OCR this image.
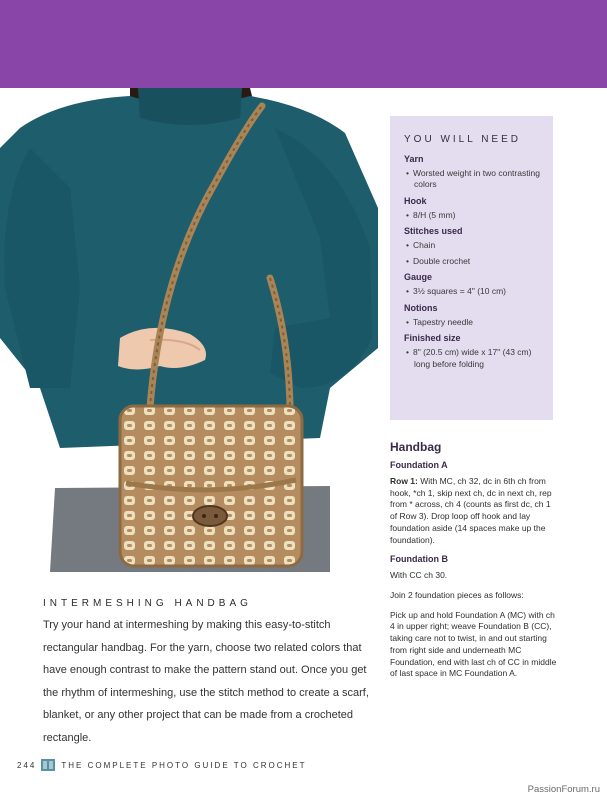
YOU WILL NEED
Yarn
• Worsted weight in two contrasting colors
Hook
• 8/H (5 mm)
Stitches used
• Chain
• Double crochet
Gauge
• 3½ squares = 4" (10 cm)
Notions
• Tapestry needle
Finished size
• 8" (20.5 cm) wide x 17" (43 cm) long before folding
Handbag
Foundation A

Row 1: With MC, ch 32, dc in 6th ch from hook, *ch 1, skip next ch, dc in next ch, rep from * across, ch 4 (counts as first dc, ch 1 of Row 3). Drop loop off hook and lay foundation aside (14 spaces make up the foundation).

Foundation B

With CC ch 30.

Join 2 foundation pieces as follows:

Pick up and hold Foundation A (MC) with ch 4 in upper right; weave Foundation B (CC), taking care not to twist, in and out starting from right side and underneath MC Foundation, end with last ch of CC in middle of last space in MC Foundation A.

INTERMESHING HANDBAG

Try your hand at intermeshing by making this easy-to-stitch rectangular handbag. For the yarn, choose two related colors that have enough contrast to make the pattern stand out. Once you get the rhythm of intermeshing, use the stitch method to create a scarf, blanket, or any other project that can be made from a crocheted rectangle.

244	THE COMPLETE PHOTO GUIDE TO CROCHET
PassionForum.ru
